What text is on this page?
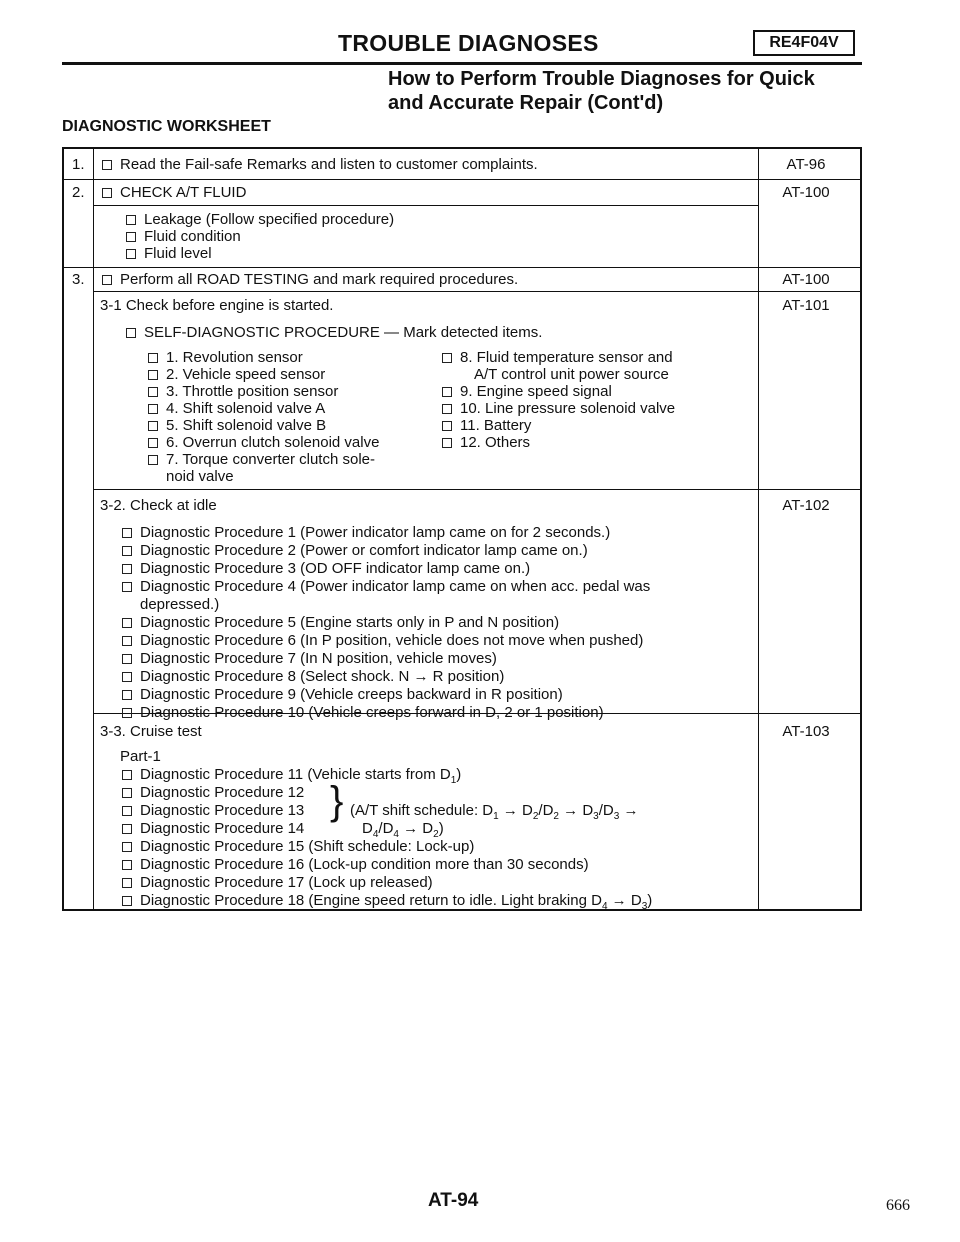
TROUBLE DIAGNOSES	RE4F04V
How to Perform Trouble Diagnoses for Quick
and Accurate Repair (Cont'd)
DIAGNOSTIC WORKSHEET
1.	Read the Fail-safe Remarks and listen to customer complaints.	AT-96
2.	CHECK A/T FLUID	AT-100
Leakage (Follow specified procedure)
Fluid condition
Fluid level
3.	Perform all ROAD TESTING and mark required procedures.	AT-100
3-1 Check before engine is started.	AT-101
SELF-DIAGNOSTIC PROCEDURE — Mark detected items.
1. Revolution sensor
2. Vehicle speed sensor
3. Throttle position sensor
4. Shift solenoid valve A
5. Shift solenoid valve B
6. Overrun clutch solenoid valve
7. Torque converter clutch sole-
noid valve
8. Fluid temperature sensor and
A/T control unit power source
9. Engine speed signal
10. Line pressure solenoid valve
11. Battery
12. Others
3-2. Check at idle	AT-102
Diagnostic Procedure 1 (Power indicator lamp came on for 2 seconds.)
Diagnostic Procedure 2 (Power or comfort indicator lamp came on.)
Diagnostic Procedure 3 (OD OFF indicator lamp came on.)
Diagnostic Procedure 4 (Power indicator lamp came on when acc. pedal was
depressed.)
Diagnostic Procedure 5 (Engine starts only in P and N position)
Diagnostic Procedure 6 (In P position, vehicle does not move when pushed)
Diagnostic Procedure 7 (In N position, vehicle moves)
Diagnostic Procedure 8 (Select shock. N → R position)
Diagnostic Procedure 9 (Vehicle creeps backward in R position)
Diagnostic Procedure 10 (Vehicle creeps forward in D, 2 or 1 position)
3-3. Cruise test	AT-103
Part-1
Diagnostic Procedure 11 (Vehicle starts from $D_1$)
Diagnostic Procedure 12
Diagnostic Procedure 13
Diagnostic Procedure 14
} (A/T shift schedule: $D_1 \to D_2/D_2 \to D_3/D_3$ →
$D_4/D_4 \to D_2$)
Diagnostic Procedure 15 (Shift schedule: Lock-up)
Diagnostic Procedure 16 (Lock-up condition more than 30 seconds)
Diagnostic Procedure 17 (Lock up released)
Diagnostic Procedure 18 (Engine speed return to idle. Light braking $D_4 \to D_3$)
AT-94	666
